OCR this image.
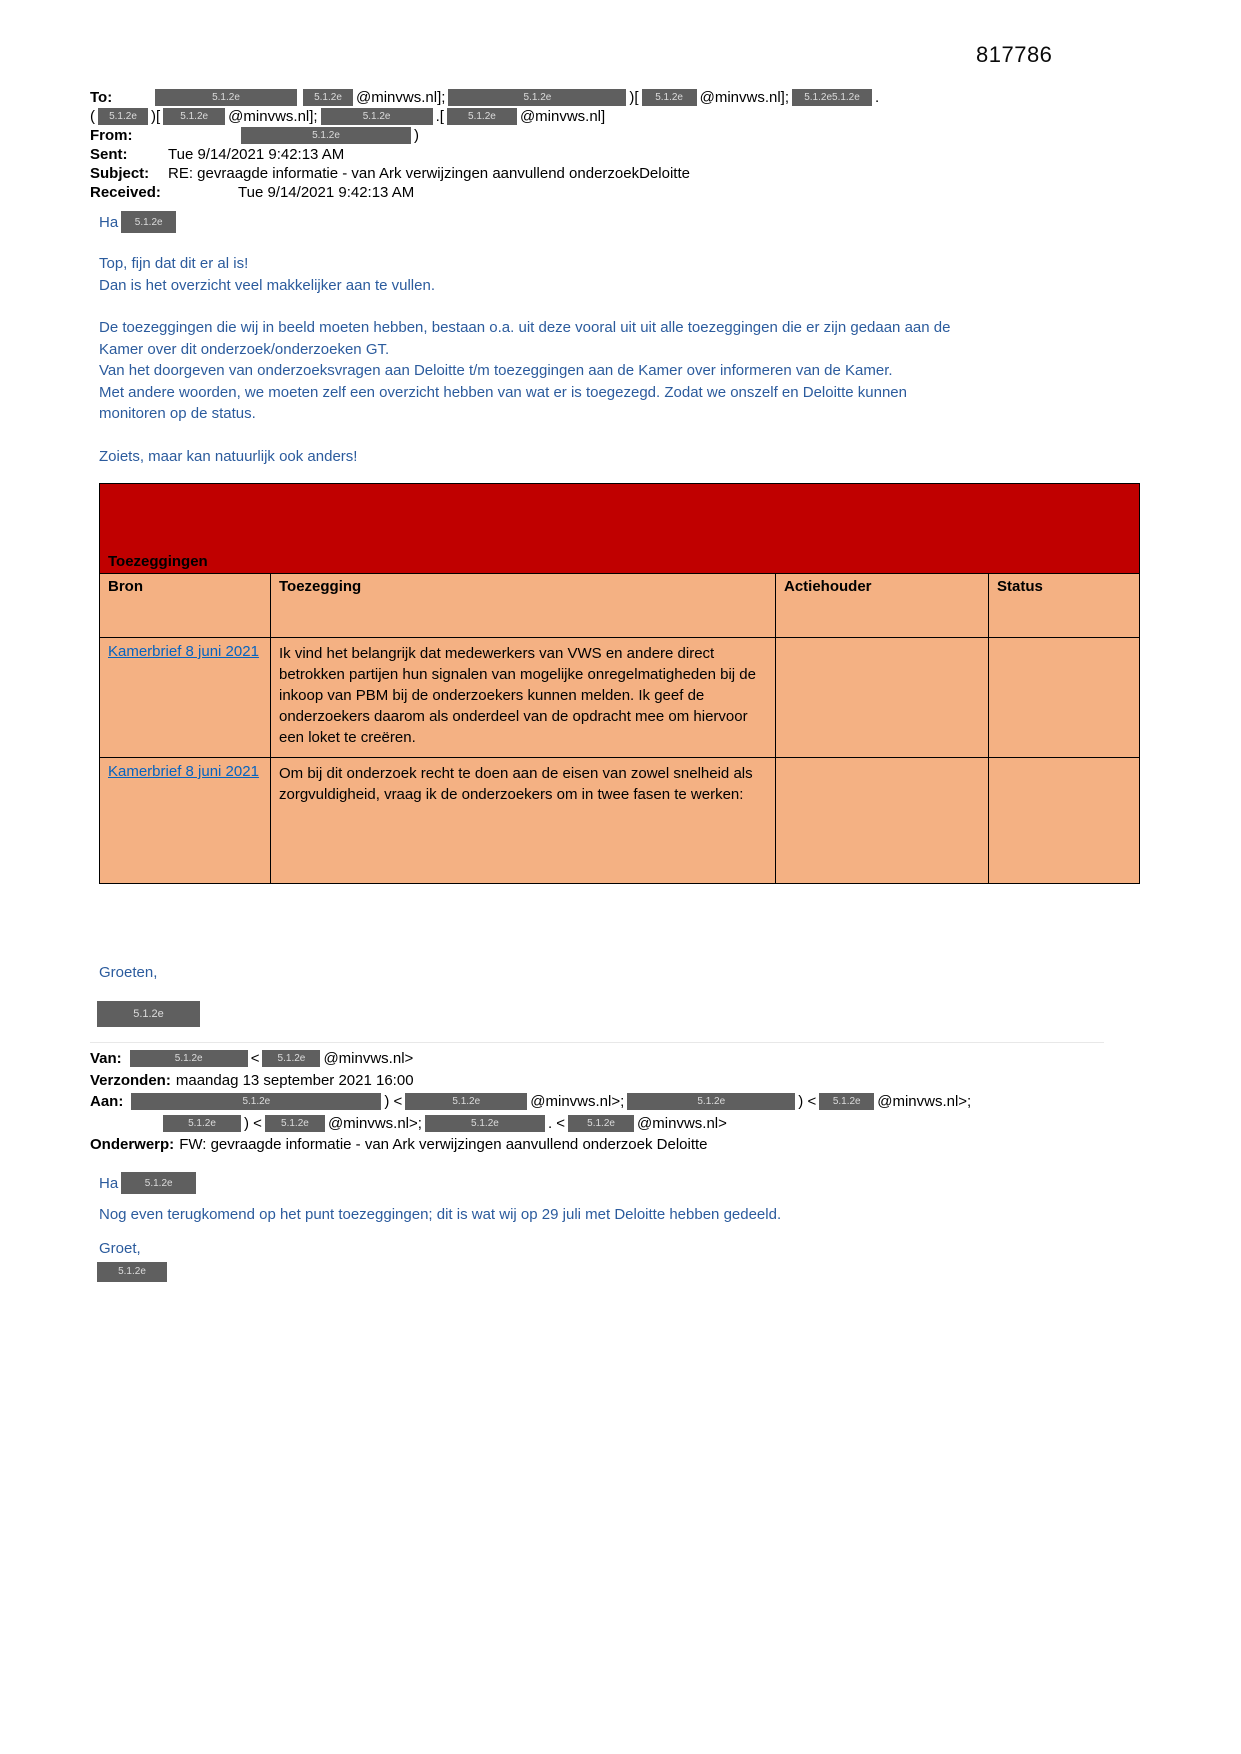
817786
To:	5.1.2e	5.1.2e @minvws.nl];	5.1.2e	)[	5.1.2e	@minvws.nl];	5.1.2e5.1.2e	.
(	5.1.2e )[	5.1.2e	@minvws.nl];	5.1.2e	.[	5.1.2e	@minvws.nl]
From:	5.1.2e	)
Sent:	Tue 9/14/2021 9:42:13 AM
Subject:	RE: gevraagde informatie - van Ark verwijzingen aanvullend onderzoekDeloitte
Received:	Tue 9/14/2021 9:42:13 AM
Ha	5.1.2e
Top, fijn dat dit er al is!
Dan is het overzicht veel makkelijker aan te vullen.
De toezeggingen die wij in beeld moeten hebben, bestaan o.a. uit deze vooral uit uit alle toezeggingen die er zijn gedaan aan de
Kamer over dit onderzoek/onderzoeken GT.
Van het doorgeven van onderzoeksvragen aan Deloitte t/m toezeggingen aan de Kamer over informeren van de Kamer.
Met andere woorden, we moeten zelf een overzicht hebben van wat er is toegezegd. Zodat we onszelf en Deloitte kunnen
monitoren op de status.
Zoiets, maar kan natuurlijk ook anders!
Toezeggingen			
Bron	Toezegging	Actiehouder	Status
Kamerbrief 8 juni 2021	Ik vind het belangrijk dat medewerkers van VWS en andere direct betrokken partijen hun signalen van mogelijke onregelmatigheden bij de inkoop van PBM bij de onderzoekers kunnen melden. Ik geef de onderzoekers daarom als onderdeel van de opdracht mee om hiervoor een loket te creëren.		
Kamerbrief 8 juni 2021	Om bij dit onderzoek recht te doen aan de eisen van zowel snelheid als zorgvuldigheid, vraag ik de onderzoekers om in twee fasen te werken:		
Groeten,
5.1.2e
Van:	5.1.2e	<	5.1.2e	@minvws.nl>
Verzonden: maandag 13 september 2021 16:00
Aan:	5.1.2e	) <	5.1.2e	@minvws.nl>;	5.1.2e	) <	5.1.2e	@minvws.nl>;
5.1.2e	) <	5.1.2e	@minvws.nl>;	5.1.2e	. <	5.1.2e	@minvws.nl>
Onderwerp: FW: gevraagde informatie - van Ark verwijzingen aanvullend onderzoek Deloitte
Ha	5.1.2e
Nog even terugkomend op het punt toezeggingen; dit is wat wij op 29 juli met Deloitte hebben gedeeld.
Groet,
5.1.2e
